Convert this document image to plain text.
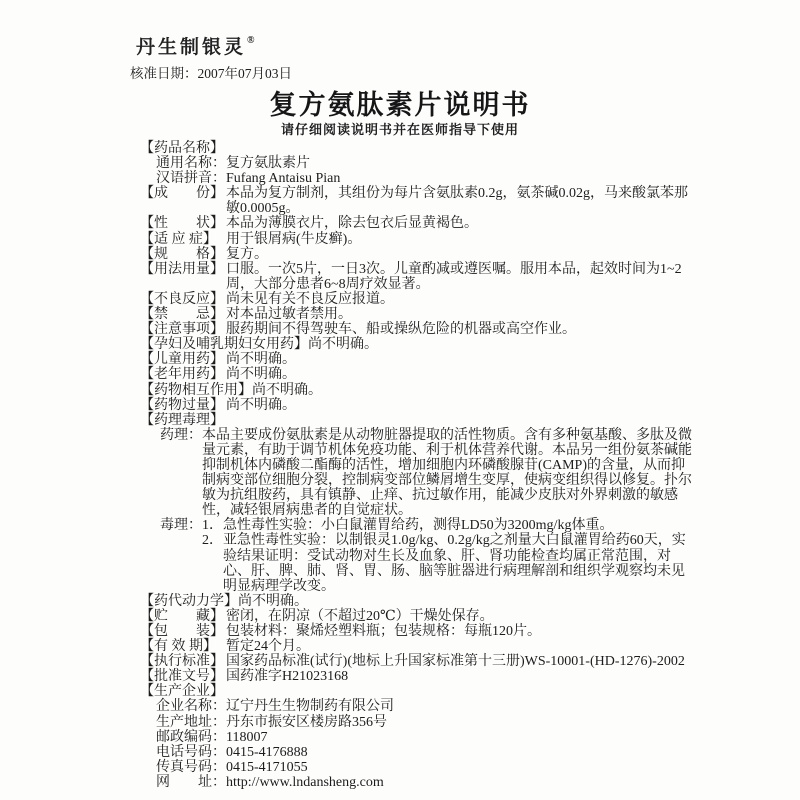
丹生制银灵®
核准日期：2007年07月03日
复方氨肽素片说明书
请仔细阅读说明书并在医师指导下使用
【药品名称】
通用名称：复方氨肽素片
汉语拼音：Fufang Antaisu Pian
【成　　份】 本品为复方制剂，其组份为每片含氨肽素0.2g，氨茶碱0.02g，马来酸氯苯那敏0.0005g。
【性　　状】 本品为薄膜衣片，除去包衣后显黄褐色。
【适 应 症】 用于银屑病(牛皮癣)。
【规　　格】 复方。
【用法用量】 口服。一次5片，一日3次。儿童酌减或遵医嘱。服用本品，起效时间为1~2周，大部分患者6~8周疗效显著。
【不良反应】 尚未见有关不良反应报道。
【禁　　忌】 对本品过敏者禁用。
【注意事项】 服药期间不得驾驶车、船或操纵危险的机器或高空作业。
【孕妇及哺乳期妇女用药】尚不明确。
【儿童用药】 尚不明确。
【老年用药】 尚不明确。
【药物相互作用】尚不明确。
【药物过量】 尚不明确。
【药理毒理】
药理： 本品主要成份氨肽素是从动物脏器提取的活性物质。含有多种氨基酸、多肽及微量元素，有助于调节机体免疫功能、利于机体营养代谢。本品另一组份氨茶碱能抑制机体内磷酸二酯酶的活性，增加细胞内环磷酸腺苷(CAMP)的含量，从而抑制病变部位细胞分裂，控制病变部位鳞屑增生变厚，使病变组织得以修复。扑尔敏为抗组胺药，具有镇静、止痒、抗过敏作用，能减少皮肤对外界刺激的敏感性，减轻银屑病患者的自觉症状。
毒理： 1．急性毒性实验：小白鼠灌胃给药，测得LD50为3200mg/kg体重。
2．亚急性毒性实验：以制银灵1.0g/kg、0.2g/kg之剂量大白鼠灌胃给药60天，实验结果证明：受试动物对生长及血象、肝、肾功能检查均属正常范围，对心、肝、脾、肺、肾、胃、肠、脑等脏器进行病理解剖和组织学观察均未见明显病理学改变。
【药代动力学】尚不明确。
【贮　　藏】 密闭，在阴凉（不超过20℃）干燥处保存。
【包　　装】 包装材料：聚烯烃塑料瓶；包装规格：每瓶120片。
【有 效 期】 暂定24个月。
【执行标准】 国家药品标准(试行)(地标上升国家标准第十三册)WS-10001-(HD-1276)-2002
【批准文号】 国药准字H21023168
【生产企业】
企业名称：辽宁丹生生物制药有限公司
生产地址：丹东市振安区楼房路356号
邮政编码：118007
电话号码：0415-4176888
传真号码：0415-4171055
网　　址：http://www.lndansheng.com
